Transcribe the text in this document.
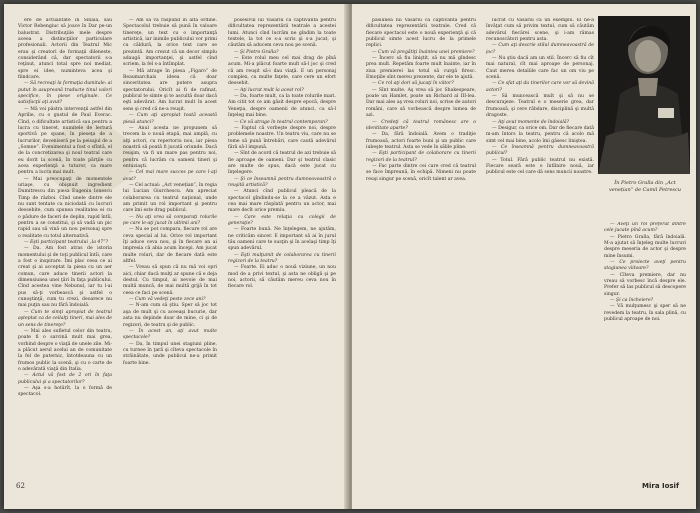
ere de actualitate în Sinaia, sau Victor Rebengiuc să joace în Dar pe-un balustrat. Distribuţiile mele despre aceea a distincţiilor particulare profesionali. Actorii din Teatrul Mic erau şi creatori de formaţii dileneste, considerând că, dar spectatorii s-a reţinut, atunci total spre noi mediat, spre ei idee, numinteva acea şi fiindcare.

— Să recreaţi la formaţia dumitale: ai putut în asupreană traducte tinul valori specifice, în piese originale. Ce satisfacţii aţi avut?

— Mă voi păstra intervenţii astfel din Aprilie, cu o gustul de Paul Everac. Cînd, o dificultate artistică sau pentru a lucra cu tineret, numitele de lectură sportivă pe spane, în pieseţa de a lucrurilor, deveniseră pe la peisajul de a „Somne”. Evenimentul a fost o sfîntă, el de la concretizarea şi noul teatral care eu dorit la scenă, în toate părţile cu acea experienţă a tuturor, ca mare pentru a lucra mai mult.

— Mai preocupaţi de momentele uriaşe, cu obişnuit ingredient Dumitrescu din piesa Eugeniu Ionescu Timp de război. Cînd unele dintre ele nu sunt tentate ca niciodată cu lucruri deosebite, cum spunea realitatea ei cu o pădure de faceri de deplin, rapid întîi, pentru a se constitui, şi să vadă un pic rapid sau să vină un nou personaj spre o realitate cu totul alternativă.

— Eşti participant teatrului „la 47”?

— Da. Am fost atras de istoria momentului şi de toţi publicul întîi, care a fost o inspirare. Îmi plac ceea ce ai creat şi ai acceptat la piesa cu un aer comun, care aduce tinerii actori la dimensiunea unei ţări în faţa publicului. Cînd acestea vine Nebunul, iar tu l-ai pus să-ţi vorbească şi astfel o cunoştinţă, cum tu crezi, deoarece nu mai puţin sau nu fără îndoială.

— Cum te simţi apropiat de teatrul aşteptat ca de ceilalţi tineri, mai ales de un sens de tinereţe?

— Mai ales sufletul celor din teatru, poate fi o sarcină mult mai grea, vorbind despre o viaţă de unele zile. Mi-a plăcut aerul acelui an de comunitate la fel de puternic, întotdeauna cu un frumos public la scenă, şi cu o carte de o adevărată viaţă din Italia.

— Actul vă fost de 2 ori în faţa publicului şi a spectatorilor?

— Aşa s-a hotărît, la o formă de spectacol.

— Am să vă răspund în altă ordine. Spectacolul trebuie să pună în valoare tinereţe, un text cu o importanţă artistică, iar inimile publicului vor primi cu căldură, la orice text care se prezintă. Am crezut că un decor simplu adaugă importanţei, şi astfel cînd scriem, la fel s-a întîmplat.

— Mă atrage în piesa „Figaro” de Beaumarchais ideea că doar sinceritatea are putere asupra spectatorului. Oricît ai fi de rafinat, publicul te simte şi te ascultă doar dacă eşti adevărat. Am lucrat mult în acest sens şi cred că ne-a reuşit.

— Cum aţi apropiat toată această piesă atunci?

— Anul acesta ne propunem să trecem la o nouă etapă, mai amplă, cu alţi actori, cu repertoriu nou, iar piesa noastră să poată fi jucată oriunde. Dacă reuşim, va fi un mare pas pentru noi, pentru că lucrăm cu oameni tineri şi entuziaşti.

— Cel mai mare succes pe care l-aţi avut?

— Cel actual: „Act venețian”, în regia lui Lucian Giurchescu. Am apreciat colaborarea cu teatrul naţional, unde am primit un rol important şi pentru care îmi este drag publicul.

— Nu aţi vrea să comparaţi rolurile pe care le-aţi jucat în ultimii ani?

— Nu se pot compara, fiecare rol are ceva special al lui. Orice rol important îţi aduce ceva nou, şi în fiecare an ai impresia că abia acum începi. Am jucat multe roluri, dar de fiecare dată este altfel.

— Vreau să spun că nu mă voi opri aici, chiar dacă mulţi ar spune că e deja destul. Cu timpul, ai nevoie de mai multă muncă, de mai multă grijă în tot ceea ce faci pe scenă.

— Cum vă vedeţi peste zece ani?

— N-am cum să ştiu. Sper să joc tot aşa de mult şi cu aceeaşi bucurie, dar asta nu depinde doar de mine, ci şi de regizori, de teatru şi de public.

— În acest an, aţi avut multe spectacole?

— Da, în timpul unei stagiuni pline, cu turnee în ţară şi cîteva spectacole în străinătate, unde publicul ne-a primit foarte bine.

posesivul lui Vasariu ca captivantă pentru dificultatea reprezentării teatrale a acestei lumi. Atunci cînd lucrăm ne gîndim la toate textele, la tot ce s-a scris şi s-a jucat, şi căutăm să aducem ceva nou pe scenă.

— Şi Pietro Gralla?

— Este rolul meu cel mai drag de pînă acum. Mi-a plăcut foarte mult să-l joc şi cred că am reuşit să-i dau viaţă. E un personaj complex, cu multe faţete, care cere un efort deosebit.

— Aţi lucrat mult la acest rol?

— Da, foarte mult, ca la toate rolurile mari. Am citit tot ce am găsit despre epocă, despre Veneţia, despre oamenii de atunci, ca să-l înţeleg mai bine.

— Ce vă atrage în teatrul contemporan?

— Faptul că vorbeşte despre noi, despre problemele noastre. Un teatru viu, care nu se teme să pună întrebări, care caută adevărul fără să-l impună.

— Sînt de acord că teatrul de azi trebuie să fie aproape de oameni. Dar şi teatrul clasic are multe de spus, dacă este jucat cu înţelegere.

— Şi ce înseamnă pentru dumneavoastră o reuşită artistică?

— Atunci cînd publicul pleacă de la spectacol gîndindu-se la ce a văzut. Asta e cea mai mare răsplată pentru un actor, mai mare decît orice premiu.

— Care este relaţia cu colegii de generaţie?

— Foarte bună. Ne înţelegem, ne ajutăm, ne criticăm sincer. E important să ai în jurul tău oameni care te susţin şi în acelaşi timp îţi spun adevărul.

— Eşti mulţumit de colaborarea cu tinerii regizori de la teatru?

— Foarte. Ei aduc o nouă viziune, un nou mod de a privi textul, şi asta ne obligă şi pe noi, actorii, să căutăm mereu ceva nou în fiecare rol.

62

pasiunea lui Vasariu ca captivantă pentru dificultatea reprezentării teatrale. Cred că fiecare spectacol este o nouă experienţă şi că publicul simte acest lucru de la primele replici.

— Cum vă pregătiţi înaintea unei premiere?

— Încerc să fiu liniştit, să nu mă gîndesc prea mult. Repetăm foarte mult înainte, iar în ziua premierei las totul să curgă firesc. Emoţiile sînt mereu prezente, dar ele te ajută.

— Ce rol aţi dori să jucaţi în viitor?

— Sînt multe. Aş vrea să joc Shakespeare, poate un Hamlet, poate un Richard al III-lea. Dar mai ales aş vrea roluri noi, scrise de autori români, care să vorbească despre lumea de azi.

— Credeţi că teatrul românesc are o identitate aparte?

— Da, fără îndoială. Avem o tradiţie frumoasă, actori foarte buni şi un public care iubeşte teatrul. Asta se vede în sălile pline.

— Eşti participant de colaborare cu tinerii regizori de la teatrul?

— Fac parte dintre cei care cred că teatrul se face împreună, în echipă. Nimeni nu poate reuşi singur pe scenă, oricît talent ar avea.

lucrat cu Vasariu ca un exemplu. El ne-a învăţat cum să privim textul, cum să căutăm adevărul fiecărei scene, şi i-am rămas recunoscători pentru asta.

— Cum aţi descrie stilul dumneavoastră de joc?

— Nu ştiu dacă am un stil. Încerc să fiu cît mai natural, cît mai aproape de personaj. Caut mereu detaliile care fac un om viu pe scenă.

— Ce sfat aţi da tinerilor care vor să devină actori?

— Să muncească mult şi să nu se descurajeze. Teatrul e o meserie grea, dar frumoasă, şi cere răbdare, disciplină şi multă dragoste.

— Aţi avut momente de îndoială?

— Desigur, ca orice om. Dar de fiecare dată m-am întors la teatru, pentru că acolo mă simt cel mai bine, acolo îmi găsesc liniştea.

— Ce înseamnă pentru dumneavoastră publicul?

— Totul. Fără public teatrul nu există. Fiecare seară este o întîlnire nouă, iar publicul este cel care dă sens muncii noastre.

În Pietro Gralla din „Act venețian” de Camil Petrescu

— Aveţi un rol preferat dintre cele jucate pînă acum?

— Pietro Gralla, fără îndoială. M-a ajutat să înţeleg multe lucruri despre meseria de actor şi despre mine însumi.

— Ce proiecte aveţi pentru stagiunea viitoare?

— Cîteva premiere, dar nu vreau să vorbesc încă despre ele. Prefer să las publicul să descopere singur.

— Şi ca încheiere?

— Vă mulţumesc şi sper să ne revedem la teatru, în sala plină, cu publicul aproape de noi.

Mira Iosif
